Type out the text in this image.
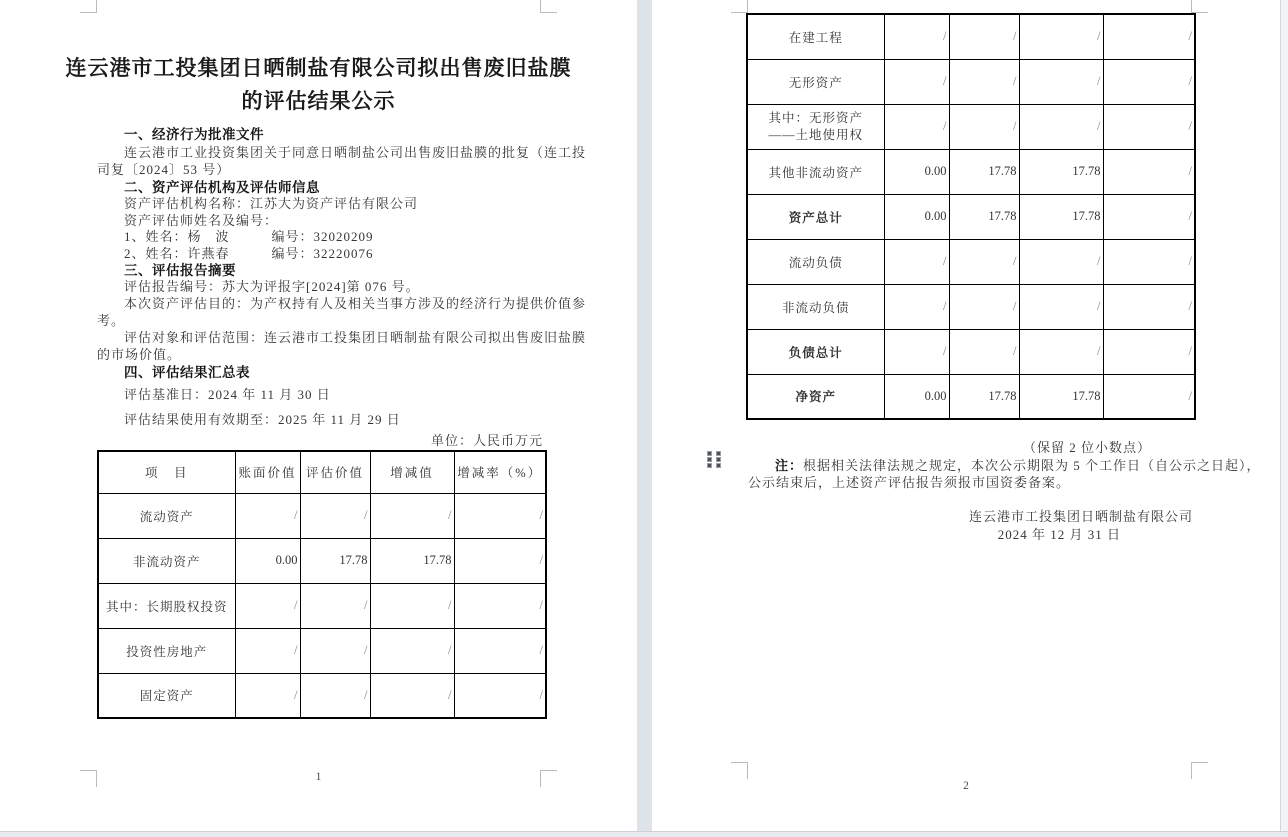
连云港市工投集团日晒制盐有限公司拟出售废旧盐膜
的评估结果公示
一、经济行为批准文件
连云港市工业投资集团关于同意日晒制盐公司出售废旧盐膜的批复（连工投
司复〔2024〕53 号）
二、资产评估机构及评估师信息
资产评估机构名称：江苏大为资产评估有限公司
资产评估师姓名及编号：
1、姓名：杨　波　　　编号：32020209
2、姓名：许燕春　　　编号：32220076
三、评估报告摘要
评估报告编号：苏大为评报字[2024]第 076 号。
本次资产评估目的：为产权持有人及相关当事方涉及的经济行为提供价值参
考。
评估对象和评估范围：连云港市工投集团日晒制盐有限公司拟出售废旧盐膜
的市场价值。
四、评估结果汇总表
评估基准日：2024 年 11 月 30 日
评估结果使用有效期至：2025 年 11 月 29 日
单位：人民币万元
项　目	账面价值	评估价值	增减值	增减率（%）
流动资产	/	/	/	/
非流动资产	0.00	17.78	17.78	/
其中：长期股权投资	/	/	/	/
投资性房地产	/	/	/	/
固定资产	/	/	/	/
1
在建工程	/	/	/	/
无形资产	/	/	/	/

其中：无形资产
——土地使用权	/	/	/	/
其他非流动资产	0.00	17.78	17.78	/
资产总计	0.00	17.78	17.78	/
流动负债	/	/	/	/
非流动负债	/	/	/	/
负债总计	/	/	/	/
净资产	0.00	17.78	17.78	/
（保留 2 位小数点）
注：根据相关法律法规之规定，本次公示期限为 5 个工作日（自公示之日起），
公示结束后，上述资产评估报告须报市国资委备案。
连云港市工投集团日晒制盐有限公司
2024 年 12 月 31 日
2
